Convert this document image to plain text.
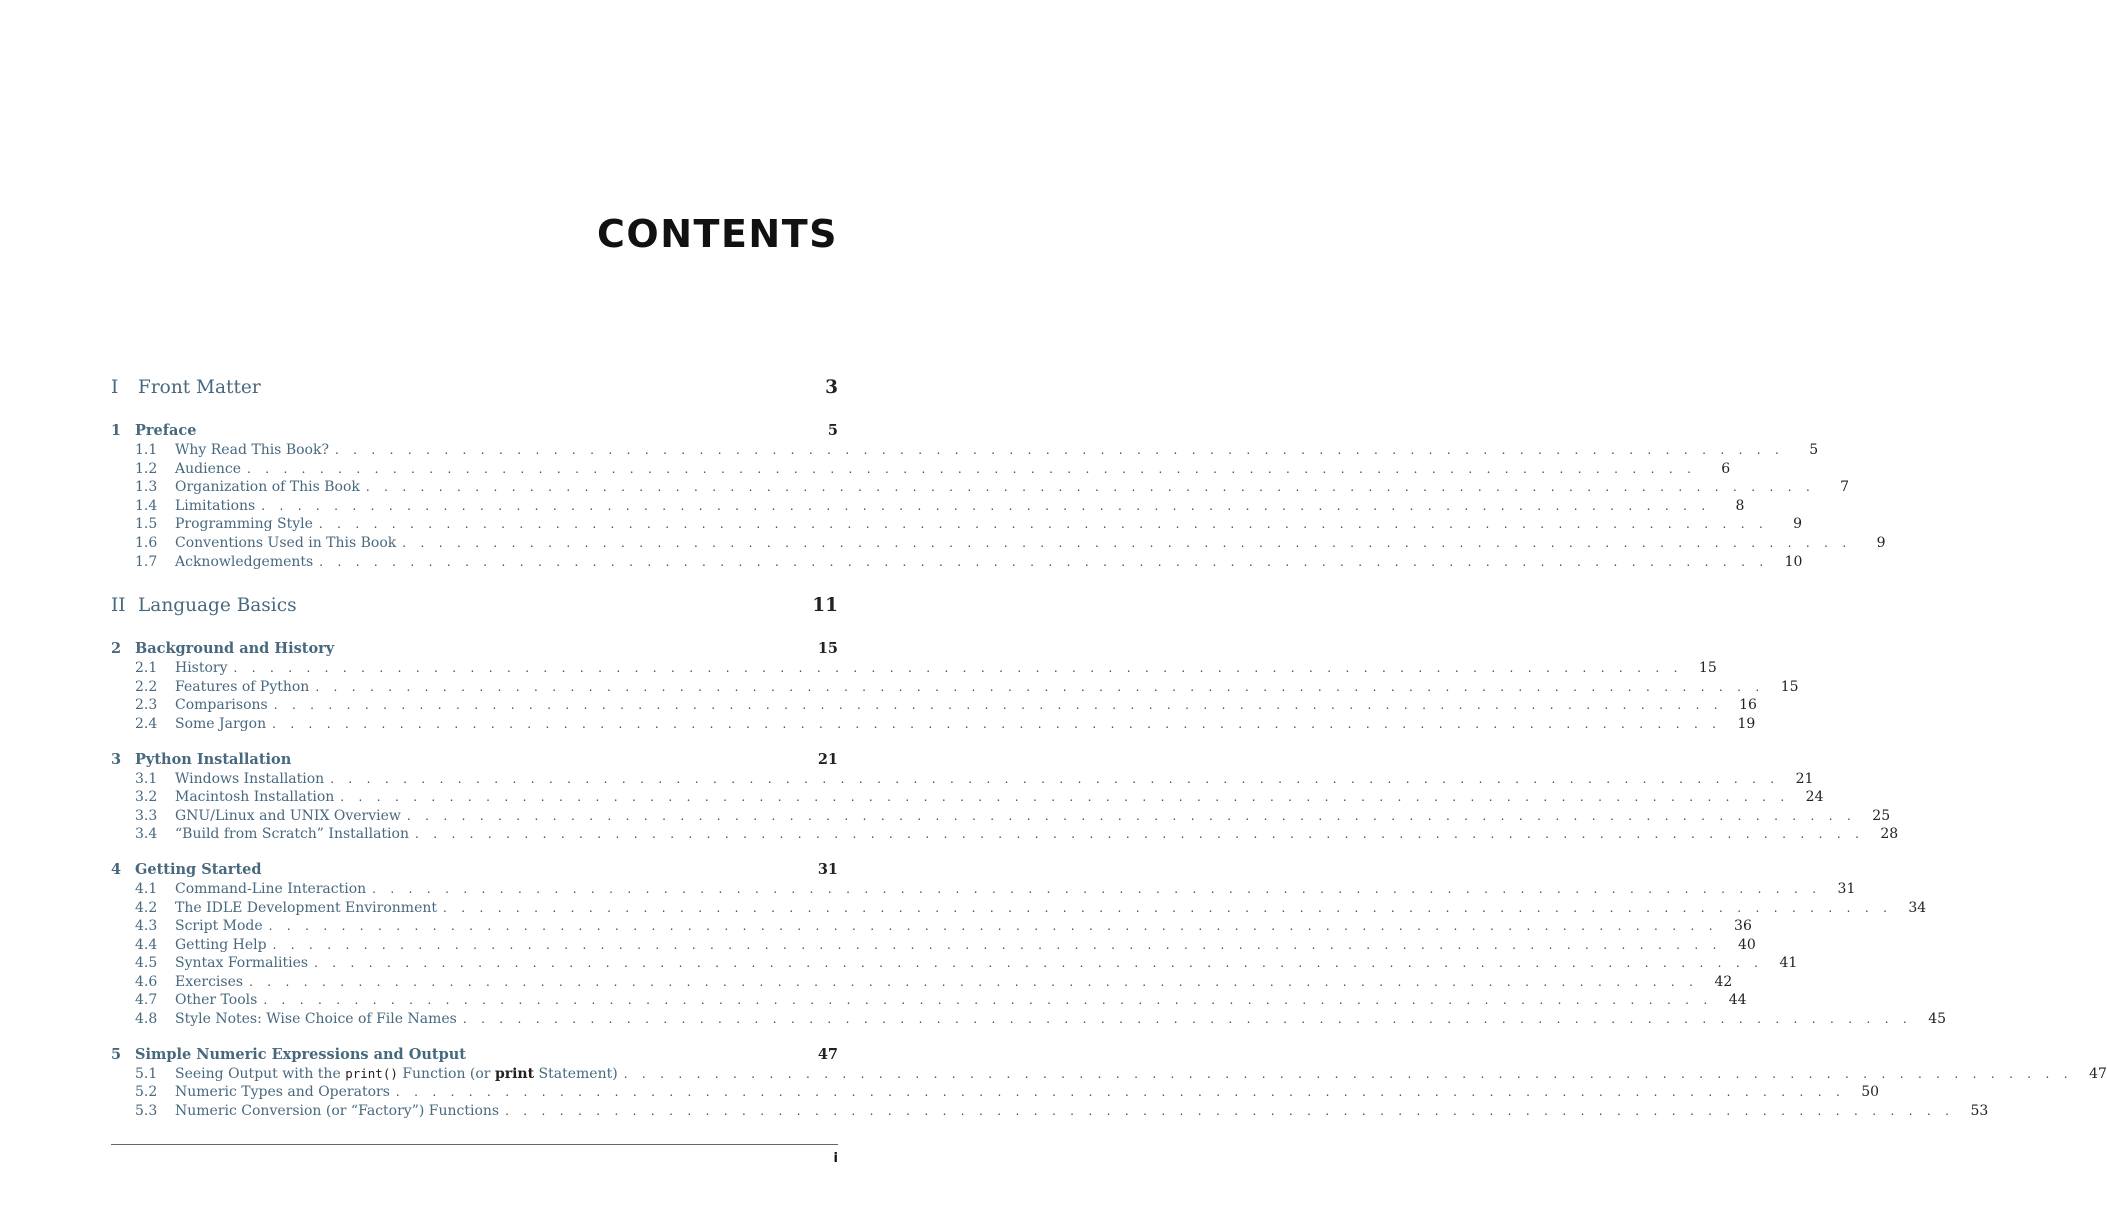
CONTENTS
I Front Matter	3
1 Preface	5
1.1	Why Read This Book? . . . . . . . . . . . . . . . . . . . . . . . . . . . . . . . . . . . . . . . . . . . . . . . . . . . . . . . . . . . . . . . . . . . . . . . . . . . . . . . .	5
1.2	Audience . . . . . . . . . . . . . . . . . . . . . . . . . . . . . . . . . . . . . . . . . . . . . . . . . . . . . . . . . . . . . . . . . . . . . . . . . . . . . . . .	6
1.3	Organization of This Book . . . . . . . . . . . . . . . . . . . . . . . . . . . . . . . . . . . . . . . . . . . . . . . . . . . . . . . . . . . . . . . . . . . . . . . . . . . . . . . .	7
1.4	Limitations . . . . . . . . . . . . . . . . . . . . . . . . . . . . . . . . . . . . . . . . . . . . . . . . . . . . . . . . . . . . . . . . . . . . . . . . . . . . . . . .	8
1.5	Programming Style . . . . . . . . . . . . . . . . . . . . . . . . . . . . . . . . . . . . . . . . . . . . . . . . . . . . . . . . . . . . . . . . . . . . . . . . . . . . . . . .	9
1.6	Conventions Used in This Book . . . . . . . . . . . . . . . . . . . . . . . . . . . . . . . . . . . . . . . . . . . . . . . . . . . . . . . . . . . . . . . . . . . . . . . . . . . . . . . .	9
1.7	Acknowledgements . . . . . . . . . . . . . . . . . . . . . . . . . . . . . . . . . . . . . . . . . . . . . . . . . . . . . . . . . . . . . . . . . . . . . . . . . . . . . . . .	10
II Language Basics	11
2 Background and History	15
2.1	History . . . . . . . . . . . . . . . . . . . . . . . . . . . . . . . . . . . . . . . . . . . . . . . . . . . . . . . . . . . . . . . . . . . . . . . . . . . . . . . .	15
2.2	Features of Python . . . . . . . . . . . . . . . . . . . . . . . . . . . . . . . . . . . . . . . . . . . . . . . . . . . . . . . . . . . . . . . . . . . . . . . . . . . . . . . .	15
2.3	Comparisons . . . . . . . . . . . . . . . . . . . . . . . . . . . . . . . . . . . . . . . . . . . . . . . . . . . . . . . . . . . . . . . . . . . . . . . . . . . . . . . .	16
2.4	Some Jargon . . . . . . . . . . . . . . . . . . . . . . . . . . . . . . . . . . . . . . . . . . . . . . . . . . . . . . . . . . . . . . . . . . . . . . . . . . . . . . . .	19
3 Python Installation	21
3.1	Windows Installation . . . . . . . . . . . . . . . . . . . . . . . . . . . . . . . . . . . . . . . . . . . . . . . . . . . . . . . . . . . . . . . . . . . . . . . . . . . . . . . .	21
3.2	Macintosh Installation . . . . . . . . . . . . . . . . . . . . . . . . . . . . . . . . . . . . . . . . . . . . . . . . . . . . . . . . . . . . . . . . . . . . . . . . . . . . . . . .	24
3.3	GNU/Linux and UNIX Overview . . . . . . . . . . . . . . . . . . . . . . . . . . . . . . . . . . . . . . . . . . . . . . . . . . . . . . . . . . . . . . . . . . . . . . . . . . . . . . . .	25
3.4	“Build from Scratch” Installation . . . . . . . . . . . . . . . . . . . . . . . . . . . . . . . . . . . . . . . . . . . . . . . . . . . . . . . . . . . . . . . . . . . . . . . . . . . . . . . .	28
4 Getting Started	31
4.1	Command-Line Interaction . . . . . . . . . . . . . . . . . . . . . . . . . . . . . . . . . . . . . . . . . . . . . . . . . . . . . . . . . . . . . . . . . . . . . . . . . . . . . . . .	31
4.2	The IDLE Development Environment . . . . . . . . . . . . . . . . . . . . . . . . . . . . . . . . . . . . . . . . . . . . . . . . . . . . . . . . . . . . . . . . . . . . . . . . . . . . . . . .	34
4.3	Script Mode . . . . . . . . . . . . . . . . . . . . . . . . . . . . . . . . . . . . . . . . . . . . . . . . . . . . . . . . . . . . . . . . . . . . . . . . . . . . . . . .	36
4.4	Getting Help . . . . . . . . . . . . . . . . . . . . . . . . . . . . . . . . . . . . . . . . . . . . . . . . . . . . . . . . . . . . . . . . . . . . . . . . . . . . . . . .	40
4.5	Syntax Formalities . . . . . . . . . . . . . . . . . . . . . . . . . . . . . . . . . . . . . . . . . . . . . . . . . . . . . . . . . . . . . . . . . . . . . . . . . . . . . . . .	41
4.6	Exercises . . . . . . . . . . . . . . . . . . . . . . . . . . . . . . . . . . . . . . . . . . . . . . . . . . . . . . . . . . . . . . . . . . . . . . . . . . . . . . . .	42
4.7	Other Tools . . . . . . . . . . . . . . . . . . . . . . . . . . . . . . . . . . . . . . . . . . . . . . . . . . . . . . . . . . . . . . . . . . . . . . . . . . . . . . . .	44
4.8	Style Notes: Wise Choice of File Names . . . . . . . . . . . . . . . . . . . . . . . . . . . . . . . . . . . . . . . . . . . . . . . . . . . . . . . . . . . . . . . . . . . . . . . . . . . . . . . .	45
5 Simple Numeric Expressions and Output	47
5.1	Seeing Output with the print() Function (or print Statement) . . . . . . . . . . . . . . . . . . . . . . . . . . . . . . . . . . . . . . . . . . . . . . . . . . . . . . . . . . . . . . . . . . . . . . . . . . . . . . . .	47
5.2	Numeric Types and Operators . . . . . . . . . . . . . . . . . . . . . . . . . . . . . . . . . . . . . . . . . . . . . . . . . . . . . . . . . . . . . . . . . . . . . . . . . . . . . . . .	50
5.3	Numeric Conversion (or “Factory”) Functions . . . . . . . . . . . . . . . . . . . . . . . . . . . . . . . . . . . . . . . . . . . . . . . . . . . . . . . . . . . . . . . . . . . . . . . . . . . . . . . .	53
i
